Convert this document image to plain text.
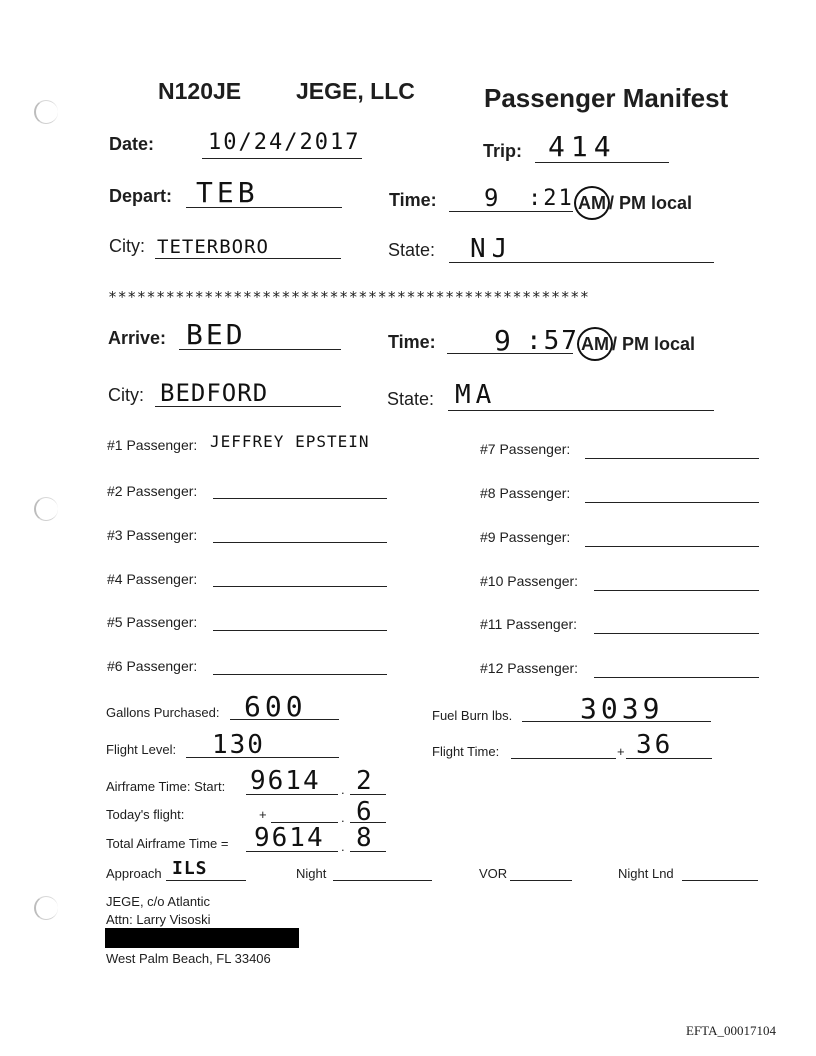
N120JE JEGE, LLC	Passenger Manifest
Date: 10/24/2017	Trip: 414
Depart: TEB	Time: 9 :21 AM / PM local
City: TETERBORO	State: NJ
**************************************************
Arrive: BED	Time: 9 :57 AM / PM local
City: BEDFORD	State: MA
#1 Passenger: JEFFREY EPSTEIN
#2 Passenger:
#3 Passenger:
#4 Passenger:
#5 Passenger:
#6 Passenger:
#7 Passenger:
#8 Passenger:
#9 Passenger:
#10 Passenger:
#11 Passenger:
#12 Passenger:
Gallons Purchased: 600	Fuel Burn lbs. 3039
Flight Level: 130	Flight Time:	+ 36
Airframe Time: Start: 9614 . 2
Today's flight:	+	. 6
Total Airframe Time = 9614 . 8
Approach ILS	Night	VOR	Night Lnd
JEGE, c/o Atlantic
Attn: Larry Visoski
West Palm Beach, FL 33406
EFTA_00017104
